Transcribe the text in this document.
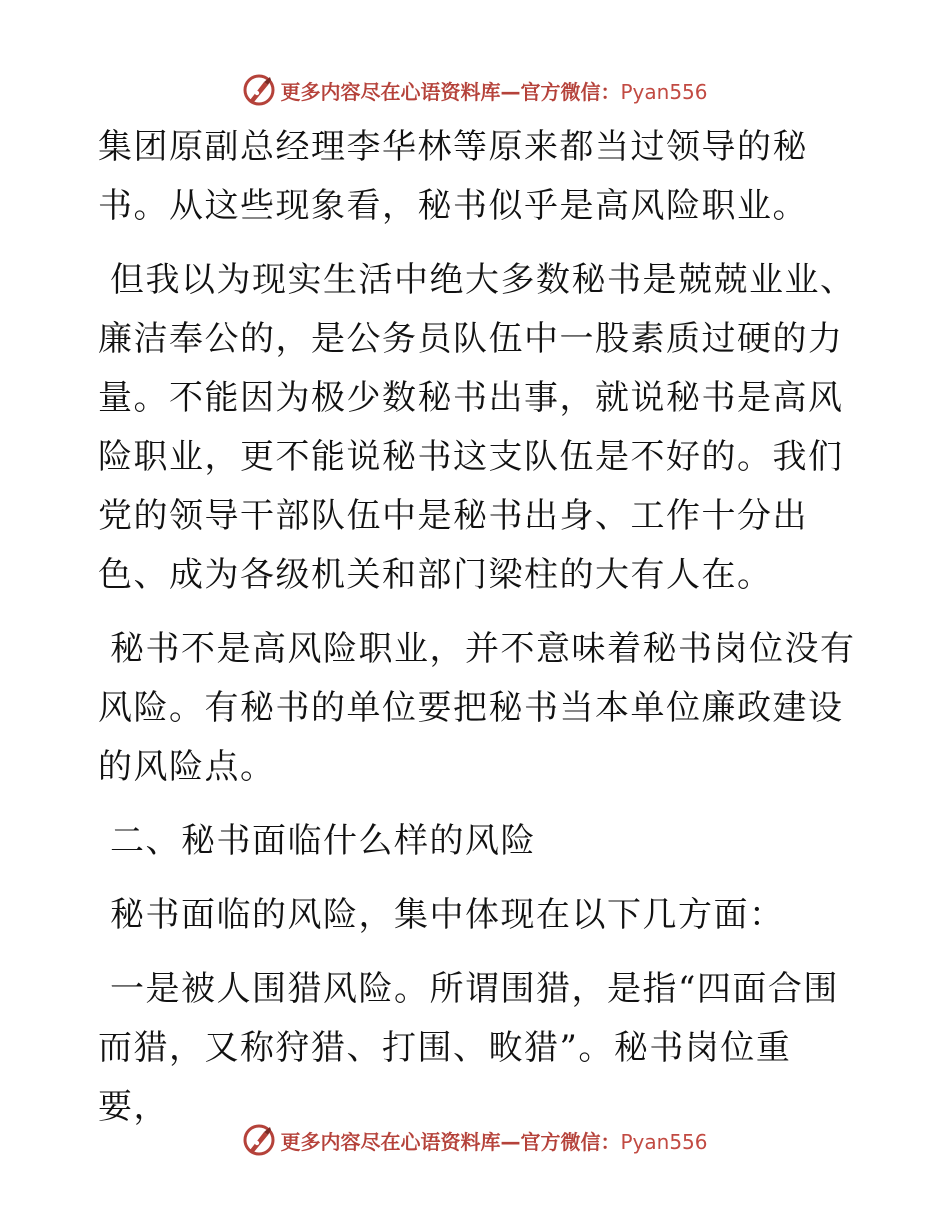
更多内容尽在心语资料库—官方微信：Pyan556

集团原副总经理李华林等原来都当过领导的秘书。从这些现象看，秘书似乎是高风险职业。

但我以为现实生活中绝大多数秘书是兢兢业业、廉洁奉公的，是公务员队伍中一股素质过硬的力量。不能因为极少数秘书出事，就说秘书是高风险职业，更不能说秘书这支队伍是不好的。我们党的领导干部队伍中是秘书出身、工作十分出色、成为各级机关和部门梁柱的大有人在。

秘书不是高风险职业，并不意味着秘书岗位没有风险。有秘书的单位要把秘书当本单位廉政建设的风险点。

二、秘书面临什么样的风险

秘书面临的风险，集中体现在以下几方面：

一是被人围猎风险。所谓围猎，是指“四面合围而猎，又称狩猎、打围、畋猎”。秘书岗位重要，

更多内容尽在心语资料库—官方微信：Pyan556
